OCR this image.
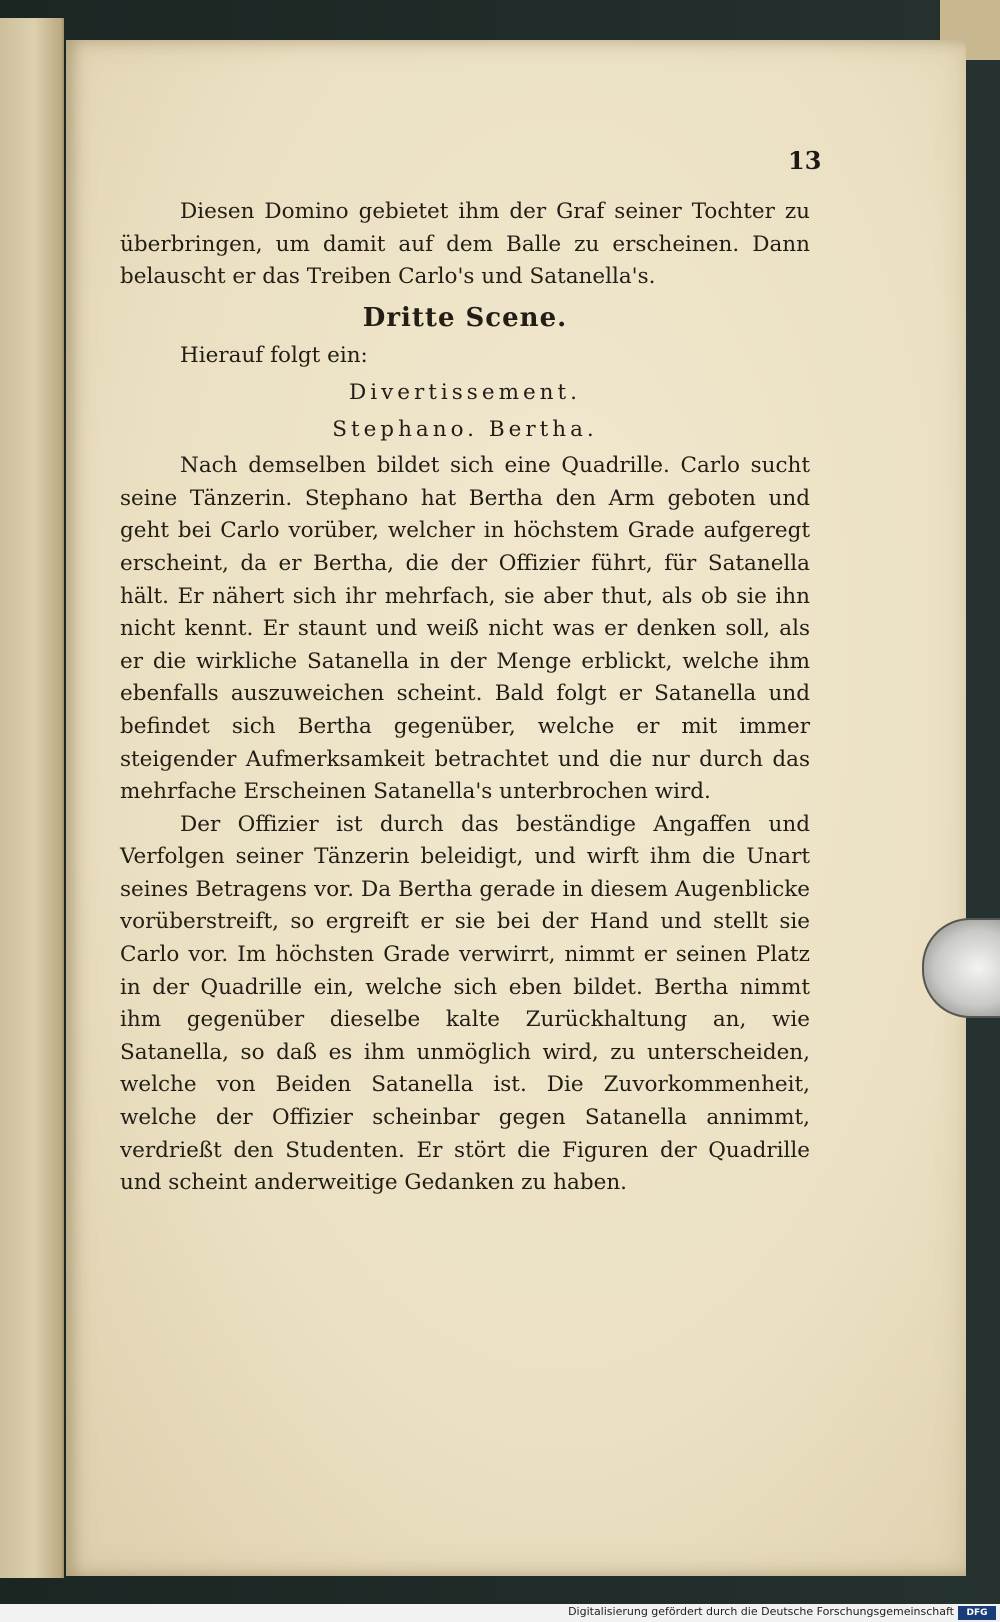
13

Diesen Domino gebietet ihm der Graf seiner Tochter zu überbringen, um damit auf dem Balle zu erscheinen. Dann belauscht er das Treiben Carlo's und Satanella's.

Dritte Scene.

Hierauf folgt ein:

Divertissement.
Stephano. Bertha.

Nach demselben bildet sich eine Quadrille. Carlo sucht seine Tänzerin. Stephano hat Bertha den Arm geboten und geht bei Carlo vorüber, welcher in höchstem Grade aufgeregt erscheint, da er Bertha, die der Offizier führt, für Satanella hält. Er nähert sich ihr mehrfach, sie aber thut, als ob sie ihn nicht kennt. Er staunt und weiß nicht was er denken soll, als er die wirkliche Satanella in der Menge erblickt, welche ihm ebenfalls auszuweichen scheint. Bald folgt er Satanella und befindet sich Bertha gegenüber, welche er mit immer steigender Aufmerksamkeit betrachtet und die nur durch das mehrfache Erscheinen Satanella's unterbrochen wird.

Der Offizier ist durch das beständige Angaffen und Verfolgen seiner Tänzerin beleidigt, und wirft ihm die Unart seines Betragens vor. Da Bertha gerade in diesem Augenblicke vorüberstreift, so ergreift er sie bei der Hand und stellt sie Carlo vor. Im höchsten Grade verwirrt, nimmt er seinen Platz in der Quadrille ein, welche sich eben bildet. Bertha nimmt ihm gegenüber dieselbe kalte Zurückhaltung an, wie Satanella, so daß es ihm unmöglich wird, zu unterscheiden, welche von Beiden Satanella ist. Die Zuvorkommenheit, welche der Offizier scheinbar gegen Satanella annimmt, verdrießt den Studenten. Er stört die Figuren der Quadrille und scheint anderweitige Gedanken zu haben.

Digitalisierung gefördert durch die Deutsche Forschungsgemeinschaft	DFG
